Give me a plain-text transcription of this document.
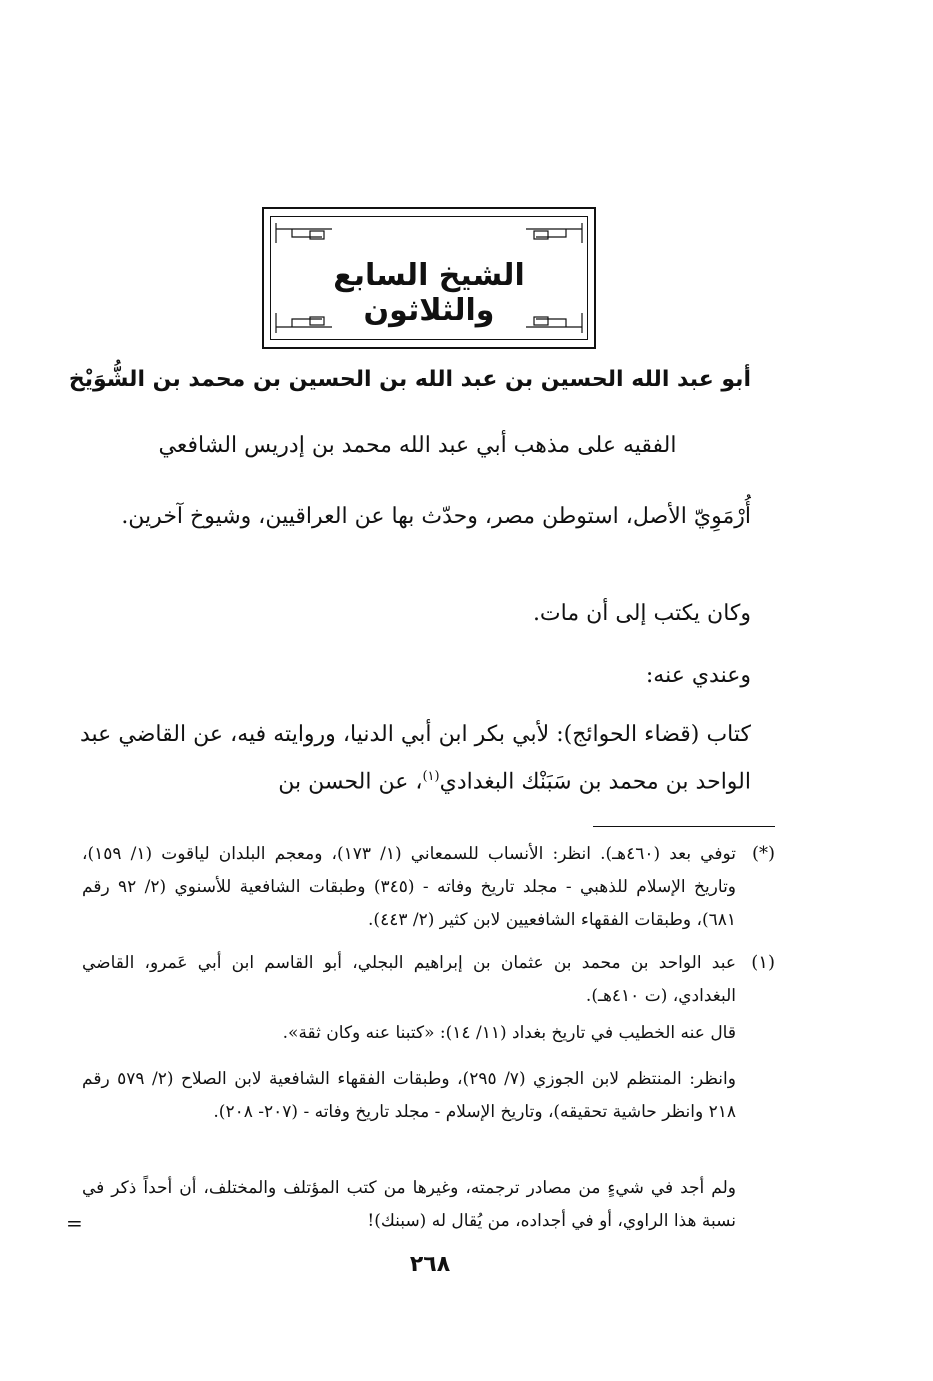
الشيخ السابع والثلاثون
أبو عبد الله الحسين بن عبد الله بن الحسين بن محمد بن الشُّوَيْخ
الفقيه على مذهب أبي عبد الله محمد بن إدريس الشافعي
أُرْمَوِيّ الأصل، استوطن مصر، وحدّث بها عن العراقيين، وشيوخ آخرين.
وكان يكتب إلى أن مات.
وعندي عنه:
كتاب (قضاء الحوائج): لأبي بكر ابن أبي الدنيا، وروايته فيه، عن القاضي عبد الواحد بن محمد بن سَبَنْك البغدادي$^{(١)}$، عن الحسن بن
(*)
توفي بعد (٤٦٠هـ). انظر: الأنساب للسمعاني (١/ ١٧٣)، ومعجم البلدان لياقوت (١/ ١٥٩)، وتاريخ الإسلام للذهبي - مجلد تاريخ وفاته - (٣٤٥) وطبقات الشافعية للأسنوي (٢/ ٩٢ رقم ٦٨١)، وطبقات الفقهاء الشافعيين لابن كثير (٢/ ٤٤٣).
(١)
عبد الواحد بن محمد بن عثمان بن إبراهيم البجلي، أبو القاسم ابن أبي عَمرو، القاضي البغدادي، (ت ٤١٠هـ).
قال عنه الخطيب في تاريخ بغداد (١١/ ١٤): «كتبنا عنه وكان ثقة».
وانظر: المنتظم لابن الجوزي (٧/ ٢٩٥)، وطبقات الفقهاء الشافعية لابن الصلاح (٢/ ٥٧٩ رقم ٢١٨ وانظر حاشية تحقيقه)، وتاريخ الإسلام - مجلد تاريخ وفاته - (٢٠٧- ٢٠٨).
ولم أجد في شيءٍ من مصادر ترجمته، وغيرها من كتب المؤتلف والمختلف، أن أحداً ذكر في نسبة هذا الراوي، أو في أجداده، من يُقال له (سبنك)!
=
٢٦٨
